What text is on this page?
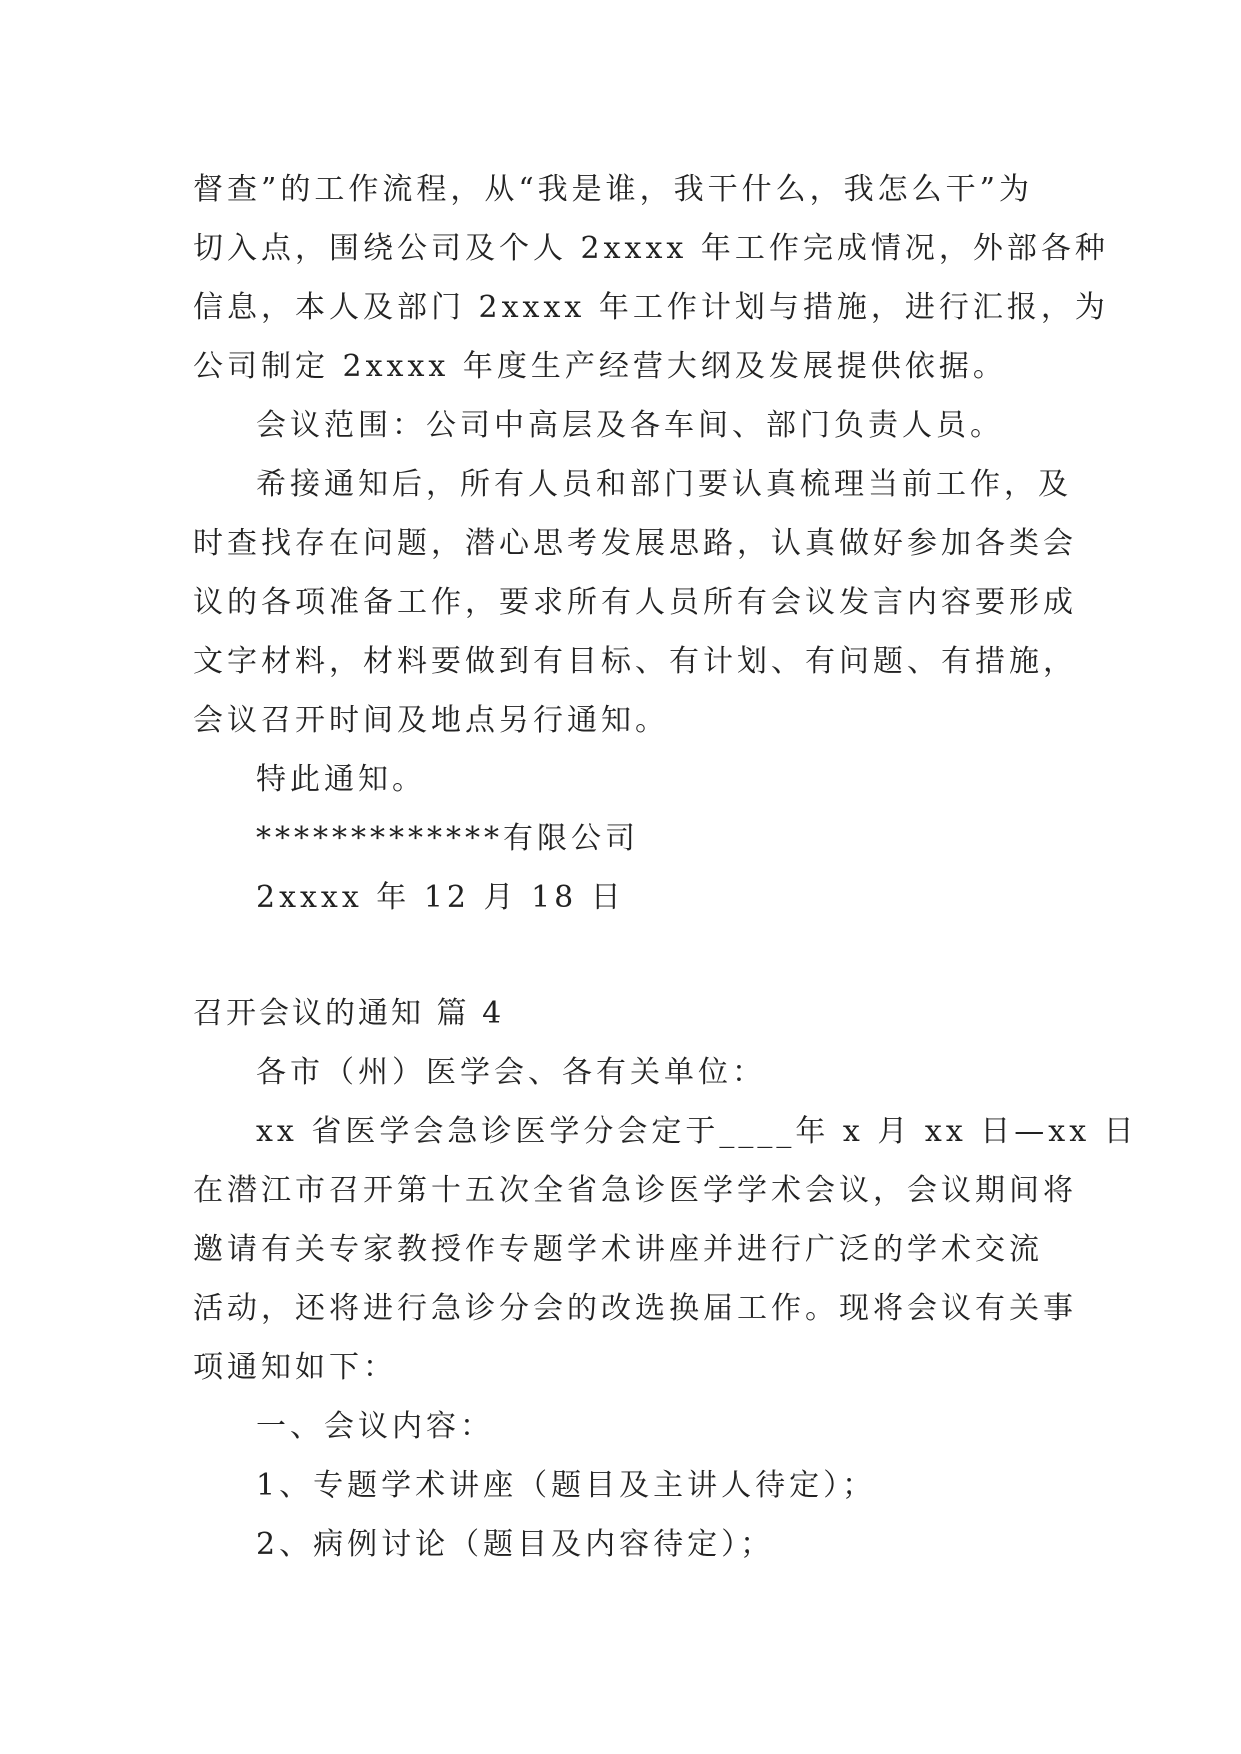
督查”的工作流程，从“我是谁，我干什么，我怎么干”为
切入点，围绕公司及个人 2xxxx 年工作完成情况，外部各种
信息，本人及部门 2xxxx 年工作计划与措施，进行汇报，为
公司制定 2xxxx 年度生产经营大纲及发展提供依据。
会议范围：公司中高层及各车间、部门负责人员。
希接通知后，所有人员和部门要认真梳理当前工作，及
时查找存在问题，潜心思考发展思路，认真做好参加各类会
议的各项准备工作，要求所有人员所有会议发言内容要形成
文字材料，材料要做到有目标、有计划、有问题、有措施，
会议召开时间及地点另行通知。
特此通知。
*************有限公司
2xxxx 年 12 月 18 日
召开会议的通知 篇 4
各市（州）医学会、各有关单位：
xx 省医学会急诊医学分会定于____年 x 月 xx 日—xx 日
在潜江市召开第十五次全省急诊医学学术会议，会议期间将
邀请有关专家教授作专题学术讲座并进行广泛的学术交流
活动，还将进行急诊分会的改选换届工作。现将会议有关事
项通知如下：
一、会议内容：
1、专题学术讲座（题目及主讲人待定）；
2、病例讨论（题目及内容待定）；
